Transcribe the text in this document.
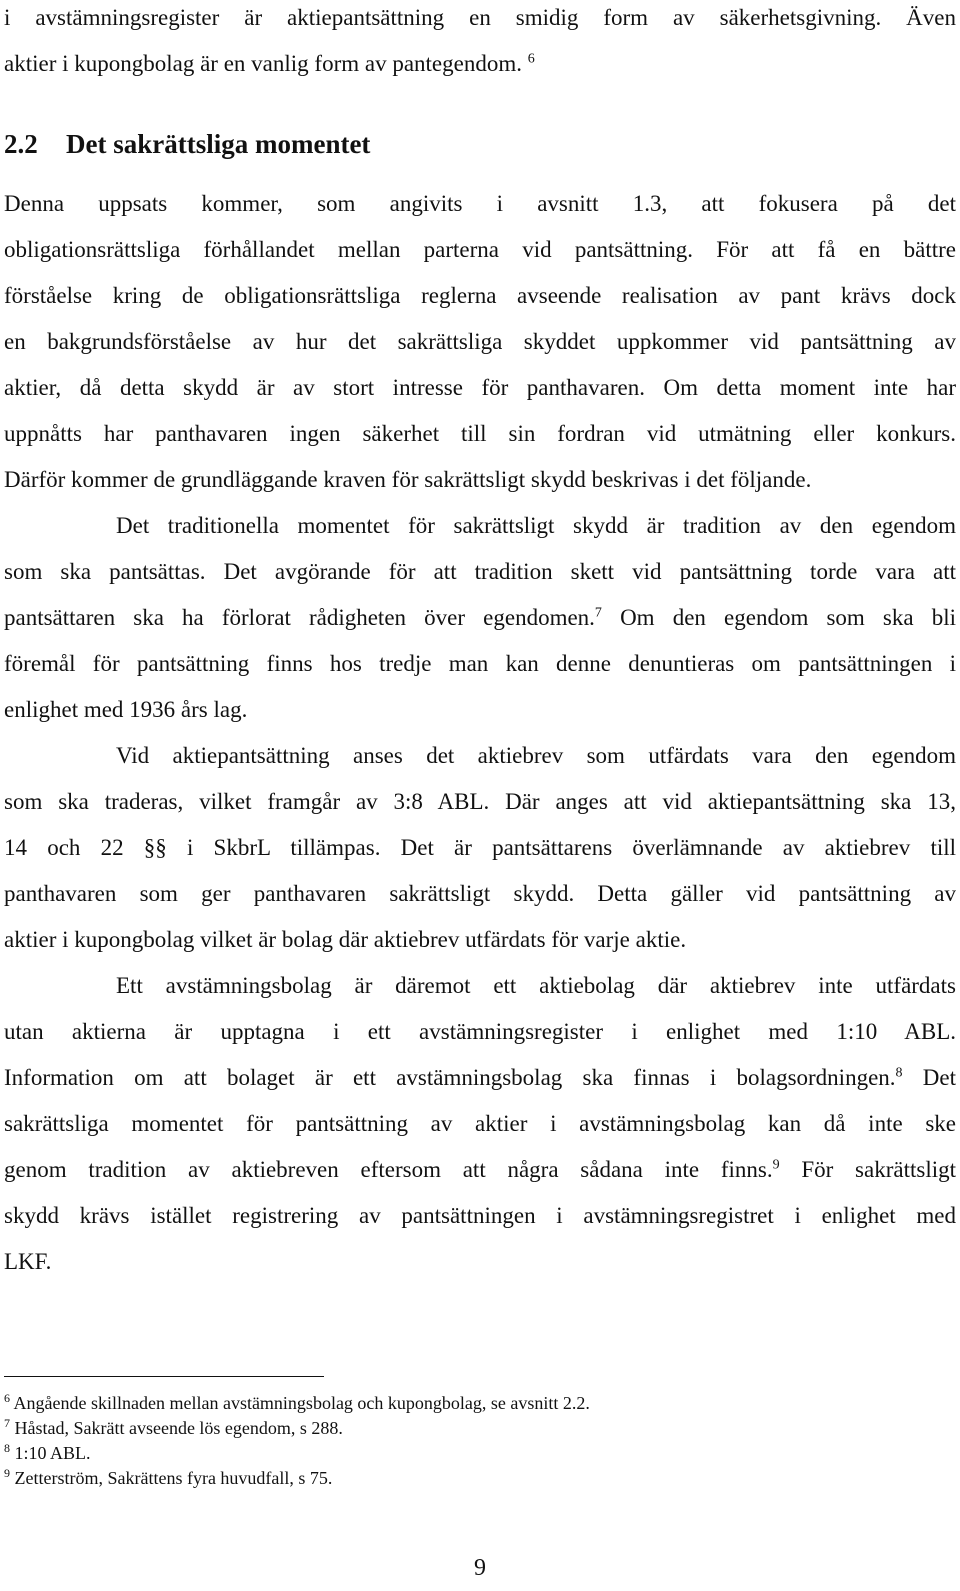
i avstämningsregister är aktiepantsättning en smidig form av säkerhetsgivning. Även
aktier i kupongbolag är en vanlig form av pantegendom. $^6$
2.2 Det sakrättsliga momentet
Denna uppsats kommer, som angivits i avsnitt 1.3, att fokusera på det
obligationsrättsliga förhållandet mellan parterna vid pantsättning. För att få en bättre
förståelse kring de obligationsrättsliga reglerna avseende realisation av pant krävs dock
en bakgrundsförståelse av hur det sakrättsliga skyddet uppkommer vid pantsättning av
aktier, då detta skydd är av stort intresse för panthavaren. Om detta moment inte har
uppnåtts har panthavaren ingen säkerhet till sin fordran vid utmätning eller konkurs.
Därför kommer de grundläggande kraven för sakrättsligt skydd beskrivas i det följande.
Det traditionella momentet för sakrättsligt skydd är tradition av den egendom
som ska pantsättas. Det avgörande för att tradition skett vid pantsättning torde vara att
pantsättaren ska ha förlorat rådigheten över egendomen.$^7$ Om den egendom som ska bli
föremål för pantsättning finns hos tredje man kan denne denuntieras om pantsättningen i
enlighet med 1936 års lag.
Vid aktiepantsättning anses det aktiebrev som utfärdats vara den egendom
som ska traderas, vilket framgår av 3:8 ABL. Där anges att vid aktiepantsättning ska 13,
14 och 22 §§ i SkbrL tillämpas. Det är pantsättarens överlämnande av aktiebrev till
panthavaren som ger panthavaren sakrättsligt skydd. Detta gäller vid pantsättning av
aktier i kupongbolag vilket är bolag där aktiebrev utfärdats för varje aktie.
Ett avstämningsbolag är däremot ett aktiebolag där aktiebrev inte utfärdats
utan aktierna är upptagna i ett avstämningsregister i enlighet med 1:10 ABL.
Information om att bolaget är ett avstämningsbolag ska finnas i bolagsordningen.$^8$ Det
sakrättsliga momentet för pantsättning av aktier i avstämningsbolag kan då inte ske
genom tradition av aktiebreven eftersom att några sådana inte finns.$^9$ För sakrättsligt
skydd krävs istället registrering av pantsättningen i avstämningsregistret i enlighet med
LKF.
$^6$ Angående skillnaden mellan avstämningsbolag och kupongbolag, se avsnitt 2.2.
$^7$ Håstad, Sakrätt avseende lös egendom, s 288.
$^8$ 1:10 ABL.
$^9$ Zetterström, Sakrättens fyra huvudfall, s 75.
9
